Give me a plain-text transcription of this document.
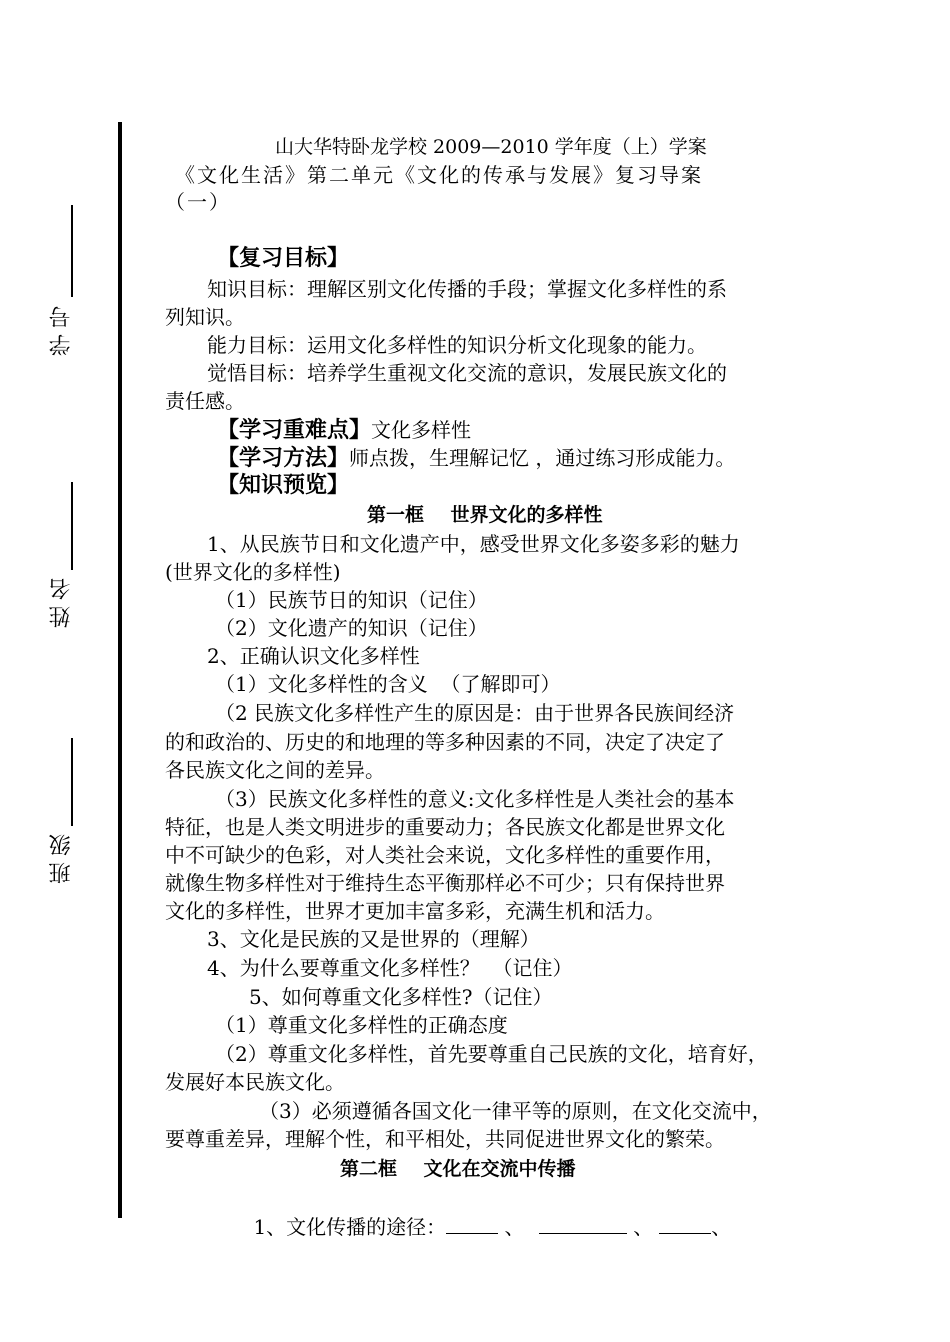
学号
姓名
班级
山大华特卧龙学校 2009—2010 学年度（上）学案
《文化生活》第二单元《文化的传承与发展》复习导案
（一）
【复习目标】
知识目标：理解区别文化传播的手段；掌握文化多样性的系
列知识。
能力目标：运用文化多样性的知识分析文化现象的能力。
觉悟目标：培养学生重视文化交流的意识，发展民族文化的
责任感。
【学习重难点】文化多样性
【学习方法】师点拨，生理解记忆 ，通过练习形成能力。
【知识预览】
第一框    世界文化的多样性
1、从民族节日和文化遗产中，感受世界文化多姿多彩的魅力
(世界文化的多样性)
（1）民族节日的知识（记住）
（2）文化遗产的知识（记住）
2、正确认识文化多样性
（1）文化多样性的含义  （了解即可）
（2 民族文化多样性产生的原因是：由于世界各民族间经济
的和政治的、历史的和地理的等多种因素的不同，决定了决定了
各民族文化之间的差异。
（3）民族文化多样性的意义:文化多样性是人类社会的基本
特征，也是人类文明进步的重要动力；各民族文化都是世界文化
中不可缺少的色彩，对人类社会来说，文化多样性的重要作用，
就像生物多样性对于维持生态平衡那样必不可少；只有保持世界
文化的多样性，世界才更加丰富多彩，充满生机和活力。
3、文化是民族的又是世界的（理解）
4、为什么要尊重文化多样性？  （记住）
5、如何尊重文化多样性?（记住）
（1）尊重文化多样性的正确态度
（2）尊重文化多样性，首先要尊重自己民族的文化，培育好，
发展好本民族文化。
（3）必须遵循各国文化一律平等的原则，在文化交流中，
要尊重差异，理解个性，和平相处，共同促进世界文化的繁荣。
第二框    文化在交流中传播

1、文化传播的途径：	、	、	、
